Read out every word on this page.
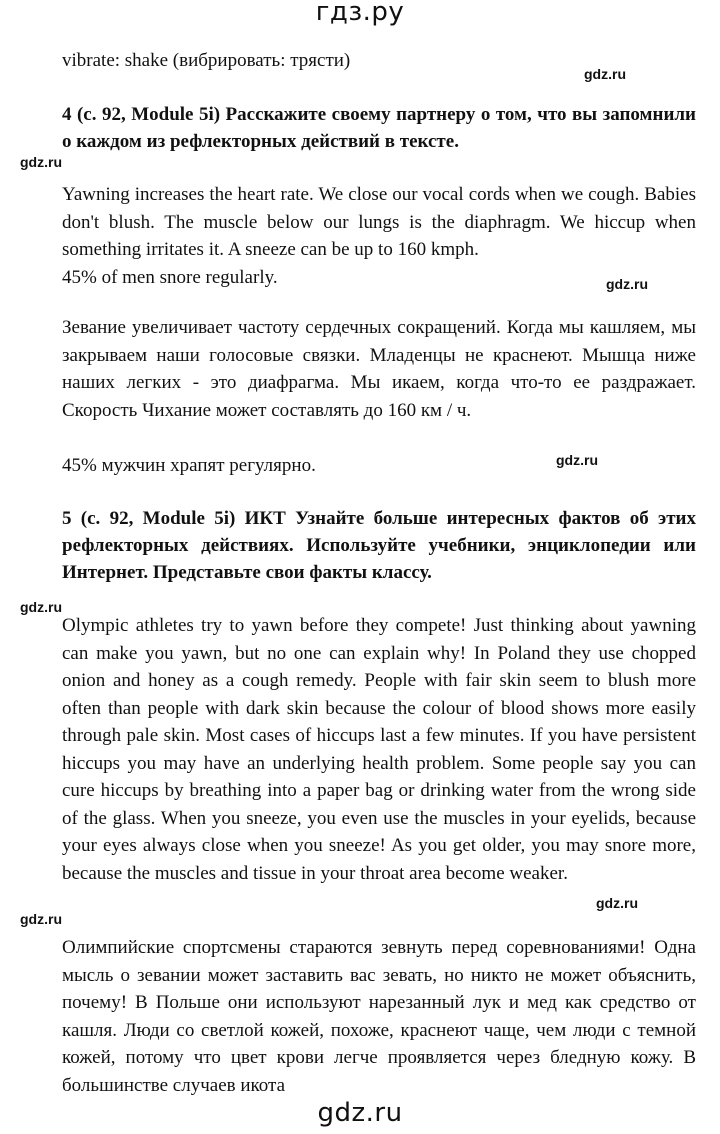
гдз.ру
vibrate: shake (вибрировать: трясти)
gdz.ru
4 (с. 92, Module 5i) Расскажите своему партнеру о том, что вы запомнили о каждом из рефлекторных действий в тексте.
gdz.ru
Yawning increases the heart rate. We close our vocal cords when we cough. Babies don't blush. The muscle below our lungs is the diaphragm. We hiccup when something irritates it. A sneeze can be up to 160 kmph.
45% of men snore regularly.	gdz.ru
Зевание увеличивает частоту сердечных сокращений. Когда мы кашляем, мы закрываем наши голосовые связки. Младенцы не краснеют. Мышца ниже наших легких - это диафрагма. Мы икаем, когда что-то ее раздражает. Скорость Чихание может составлять до 160 км / ч.
45% мужчин храпят регулярно.	gdz.ru
5 (с. 92, Module 5i) ИКТ Узнайте больше интересных фактов об этих рефлекторных действиях. Используйте учебники, энциклопедии или Интернет. Представьте свои факты классу.
gdz.ru
Olympic athletes try to yawn before they compete! Just thinking about yawning can make you yawn, but no one can explain why! In Poland they use chopped onion and honey as a cough remedy. People with fair skin seem to blush more often than people with dark skin because the colour of blood shows more easily through pale skin. Most cases of hiccups last a few minutes. If you have persistent hiccups you may have an underlying health problem. Some people say you can cure hiccups by breathing into a paper bag or drinking water from the wrong side of the glass. When you sneeze, you even use the muscles in your eyelids, because your eyes always close when you sneeze! As you get older, you may snore more, because the muscles and tissue in your throat area become weaker.
gdz.ru
gdz.ru
Олимпийские спортсмены стараются зевнуть перед соревнованиями! Одна мысль о зевании может заставить вас зевать, но никто не может объяснить, почему! В Польше они используют нарезанный лук и мед как средство от кашля. Люди со светлой кожей, похоже, краснеют чаще, чем люди с темной кожей, потому что цвет крови легче проявляется через бледную кожу. В большинстве случаев икота
gdz.ru
